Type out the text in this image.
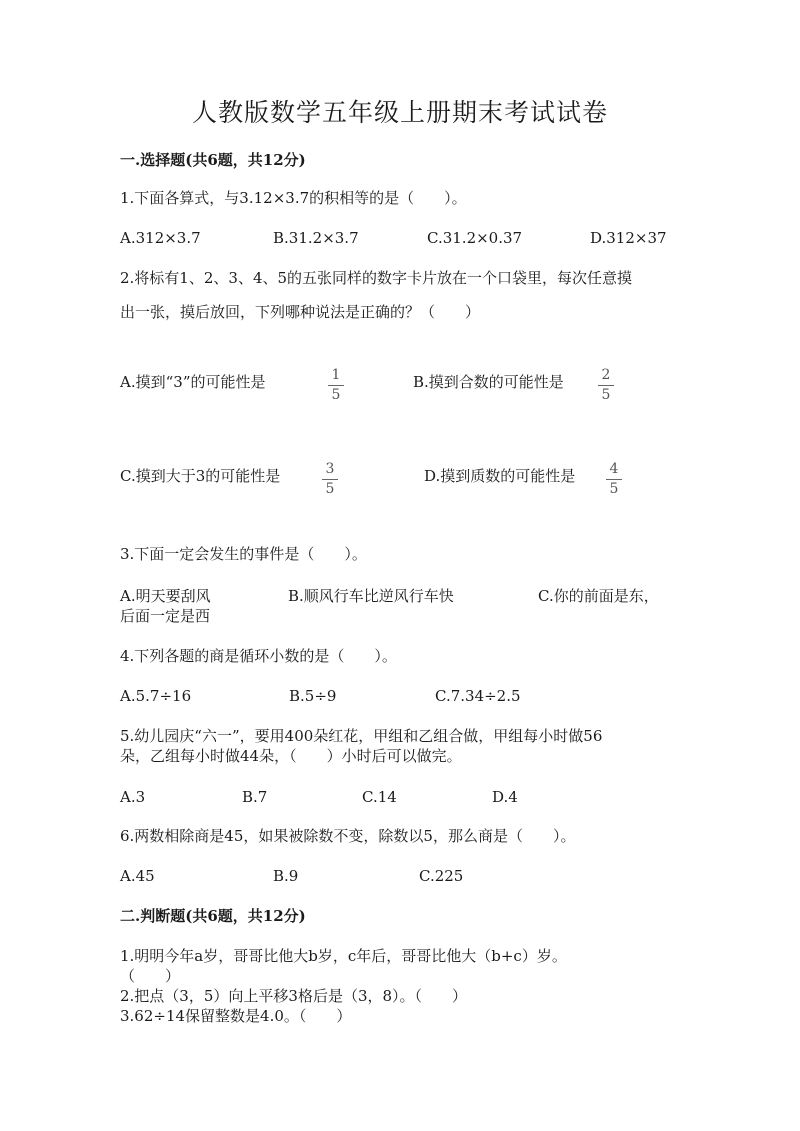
人教版数学五年级上册期末考试试卷
一.选择题(共6题，共12分)
1.下面各算式，与3.12×3.7的积相等的是（　　）。
A.312×3.7	B.31.2×3.7	C.31.2×0.37	D.312×37
2.将标有1、2、3、4、5的五张同样的数字卡片放在一个口袋里，每次任意摸
出一张，摸后放回，下列哪种说法是正确的？（　　）
A.摸到“3”的可能性是	1
5
B.摸到合数的可能性是	2
5
C.摸到大于3的可能性是	3
5
D.摸到质数的可能性是	4
5
3.下面一定会发生的事件是（　　）。
A.明天要刮风	B.顺风行车比逆风行车快	C.你的前面是东，
后面一定是西
4.下列各题的商是循环小数的是（　　）。
A.5.7÷16	B.5÷9	C.7.34÷2.5
5.幼儿园庆“六一”，要用400朵红花，甲组和乙组合做，甲组每小时做56
朵，乙组每小时做44朵，（　　）小时后可以做完。
A.3	B.7	C.14	D.4
6.两数相除商是45，如果被除数不变，除数以5，那么商是（　　）。
A.45	B.9	C.225
二.判断题(共6题，共12分)
1.明明今年a岁，哥哥比他大b岁，c年后，哥哥比他大（b+c）岁。
（　　）
2.把点（3，5）向上平移3格后是（3，8）。（　　）
3.62÷14保留整数是4.0。（　　）
